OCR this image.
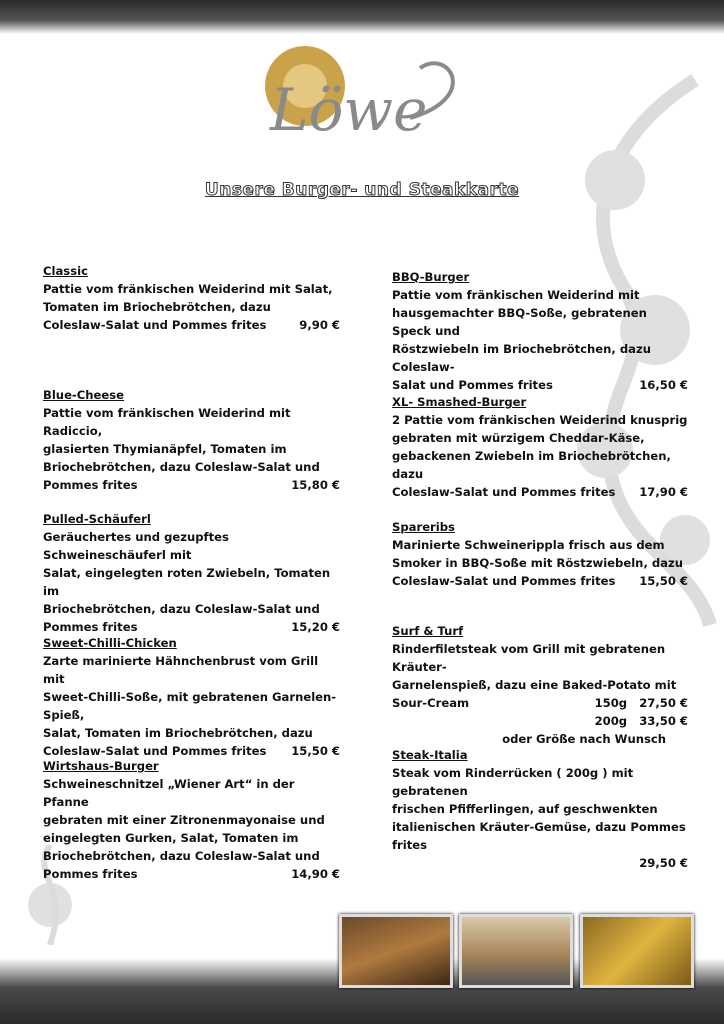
Löwe
Unsere Burger- und Steakkarte
Classic
Pattie vom fränkischen Weiderind mit Salat,
Tomaten im Briochebrötchen, dazu
Coleslaw-Salat und Pommes frites	9,90 €
Blue-Cheese
Pattie vom fränkischen Weiderind mit Radiccio,
glasierten Thymianäpfel, Tomaten im
Briochebrötchen, dazu Coleslaw-Salat und
Pommes frites	15,80 €
Pulled-Schäuferl
Geräuchertes und gezupftes Schweineschäuferl mit
Salat, eingelegten roten Zwiebeln, Tomaten im
Briochebrötchen, dazu Coleslaw-Salat und
Pommes frites	15,20 €
Sweet-Chilli-Chicken
Zarte marinierte Hähnchenbrust vom Grill mit
Sweet-Chilli-Soße, mit gebratenen Garnelen-Spieß,
Salat, Tomaten im Briochebrötchen, dazu
Coleslaw-Salat und Pommes frites 15,50 €
Wirtshaus-Burger
Schweineschnitzel „Wiener Art“ in der Pfanne
gebraten mit einer Zitronenmayonaise und
eingelegten Gurken, Salat, Tomaten im
Briochebrötchen, dazu Coleslaw-Salat und
Pommes frites	14,90 €
BBQ-Burger
Pattie vom fränkischen Weiderind mit
hausgemachter BBQ-Soße, gebratenen Speck und
Röstzwiebeln im Briochebrötchen, dazu Coleslaw-
Salat und Pommes frites	16,50 €
XL- Smashed-Burger
2 Pattie vom fränkischen Weiderind knusprig
gebraten mit würzigem Cheddar-Käse,
gebackenen Zwiebeln im Briochebrötchen, dazu
Coleslaw-Salat und Pommes frites 17,90 €
Spareribs
Marinierte Schweinerippla frisch aus dem
Smoker in BBQ-Soße mit Röstzwiebeln, dazu
Coleslaw-Salat und Pommes frites 15,50 €
Surf & Turf
Rinderfiletsteak vom Grill mit gebratenen Kräuter-
Garnelenspieß, dazu eine Baked-Potato mit
Sour-Cream	150g   27,50 €
200g   33,50 €
oder Größe nach Wunsch
Steak-Italia
Steak vom Rinderrücken ( 200g ) mit gebratenen
frischen Pfifferlingen, auf geschwenkten
italienischen Kräuter-Gemüse, dazu Pommes frites
29,50 €
